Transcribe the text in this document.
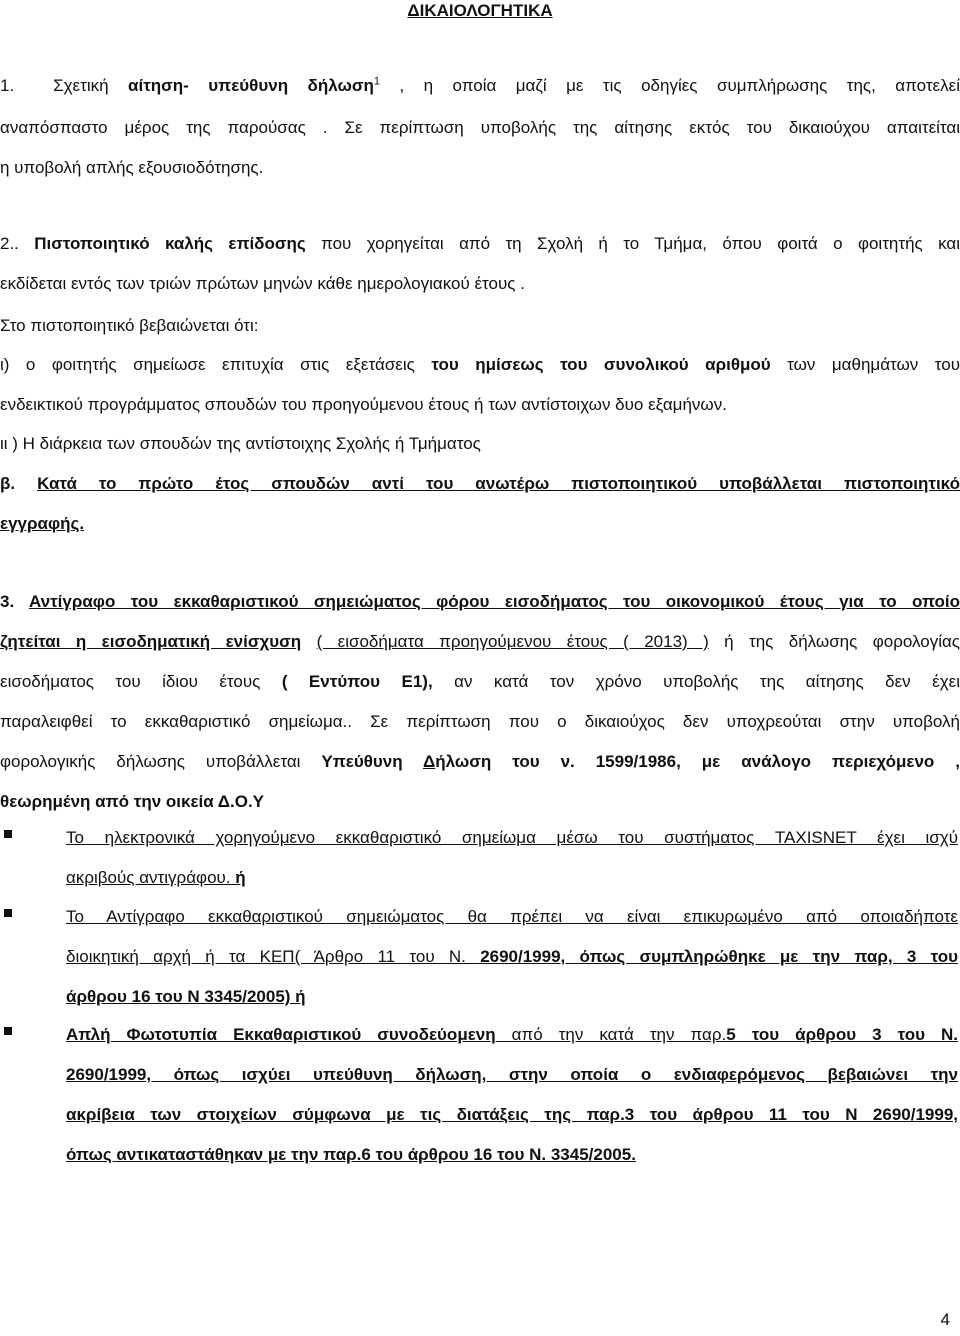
ΔΙΚΑΙΟΛΟΓΗΤΙΚΑ
1.  Σχετική αίτηση- υπεύθυνη δήλωση$^1$ , η οποία μαζί με τις οδηγίες συμπλήρωσης της, αποτελεί
αναπόσπαστο μέρος της παρούσας . Σε περίπτωση υποβολής της αίτησης εκτός του δικαιούχου απαιτείται
η υποβολή απλής εξουσιοδότησης.
2.. Πιστοποιητικό καλής επίδοσης που χορηγείται από τη Σχολή ή το Τμήμα, όπου φοιτά ο φοιτητής και
εκδίδεται εντός των τριών πρώτων μηνών κάθε ημερολογιακού έτους .
Στο πιστοποιητικό βεβαιώνεται ότι:
ι) ο φοιτητής σημείωσε επιτυχία στις εξετάσεις του ημίσεως του συνολικού αριθμού των μαθημάτων του
ενδεικτικού προγράμματος σπουδών του προηγούμενου έτους ή των αντίστοιχων δυο εξαμήνων.
ιι ) Η διάρκεια των σπουδών της αντίστοιχης Σχολής ή Τμήματος
β. Κατά το πρώτο έτος σπουδών αντί του ανωτέρω πιστοποιητικού υποβάλλεται πιστοποιητικό
εγγραφής.
3. Αντίγραφο του εκκαθαριστικού σημειώματος φόρου εισοδήματος του οικονομικού έτους για το οποίο
ζητείται η εισοδηματική ενίσχυση ( εισοδήματα προηγούμενου έτους ( 2013) ) ή της δήλωσης φορολογίας
εισοδήματος του ίδιου έτους ( Εντύπου Ε1), αν κατά τον χρόνο υποβολής της αίτησης δεν έχει
παραλειφθεί το εκκαθαριστικό σημείωμα.. Σε περίπτωση που ο δικαιούχος δεν υποχρεούται στην υποβολή
φορολογικής δήλωσης υποβάλλεται Υπεύθυνη Δήλωση του ν. 1599/1986, με ανάλογο περιεχόμενο ,
θεωρημένη από την οικεία Δ.Ο.Υ
Το ηλεκτρονικά χορηγούμενο εκκαθαριστικό σημείωμα μέσω του συστήματος TAXISNET έχει ισχύ
ακριβούς αντιγράφου. ή
Το Αντίγραφο εκκαθαριστικού σημειώματος θα πρέπει να είναι επικυρωμένο από οποιαδήποτε
διοικητική αρχή ή τα ΚΕΠ( Άρθρο 11 του Ν. 2690/1999, όπως συμπληρώθηκε με την παρ, 3 του
άρθρου 16 του Ν 3345/2005) ή
Απλή Φωτοτυπία Εκκαθαριστικού συνοδεύομενη από την κατά την παρ.5 του άρθρου 3 του Ν.
2690/1999, όπως ισχύει υπεύθυνη δήλωση, στην οποία ο ενδιαφερόμενος βεβαιώνει την
ακρίβεια των στοιχείων σύμφωνα με τις διατάξεις της παρ.3 του άρθρου 11 του Ν 2690/1999,
όπως αντικαταστάθηκαν με την παρ.6 του άρθρου 16 του Ν. 3345/2005.
4
